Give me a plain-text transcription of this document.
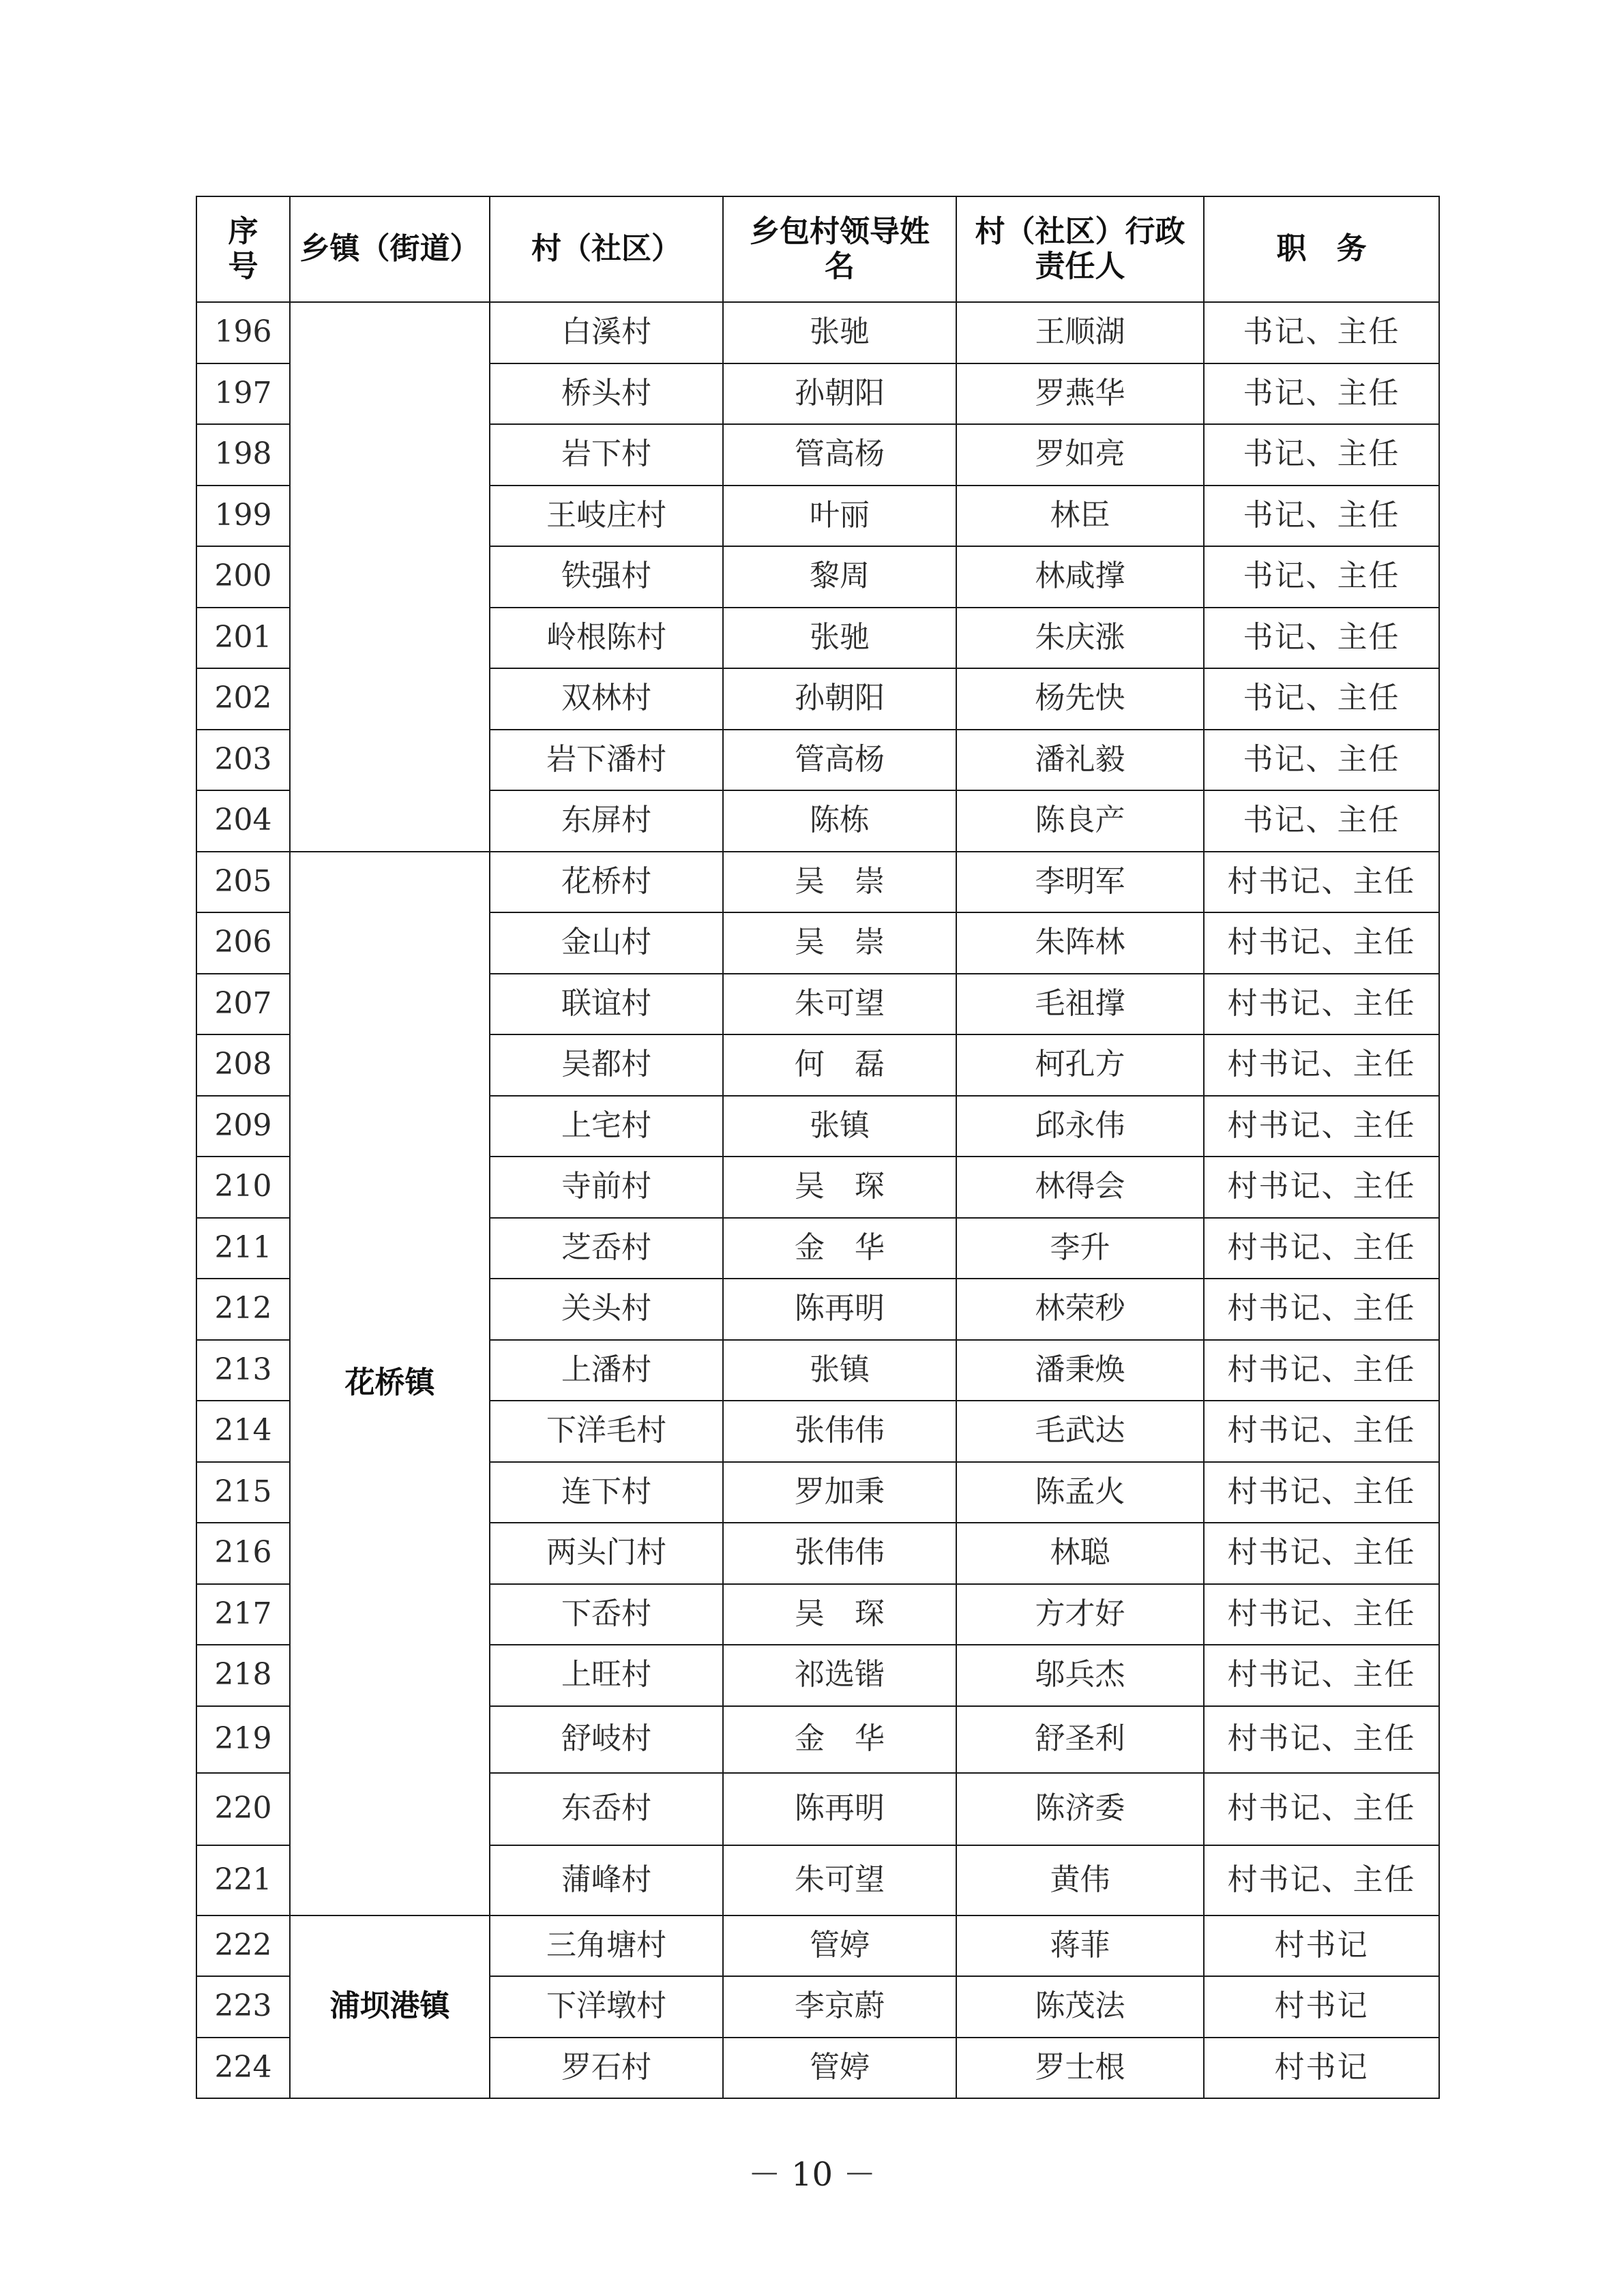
序号	乡镇（街道）	村（社区）	乡包村领导姓名	村（社区）行政责任人	职　务
196		白溪村	张驰	王顺湖	书记、主任
197		桥头村	孙朝阳	罗燕华	书记、主任
198		岩下村	管高杨	罗如亮	书记、主任
199		王岐庄村	叶丽	林臣	书记、主任
200		铁强村	黎周	林咸撑	书记、主任
201		岭根陈村	张驰	朱庆涨	书记、主任
202		双林村	孙朝阳	杨先快	书记、主任
203		岩下潘村	管高杨	潘礼毅	书记、主任
204		东屏村	陈栋	陈良产	书记、主任
205	花桥镇	花桥村	吴　崇	李明军	村书记、主任
206		金山村	吴　崇	朱阵林	村书记、主任
207		联谊村	朱可望	毛祖撑	村书记、主任
208		吴都村	何　磊	柯孔方	村书记、主任
209		上宅村	张镇	邱永伟	村书记、主任
210		寺前村	吴　琛	林得会	村书记、主任
211		芝岙村	金　华	李升	村书记、主任
212		关头村	陈再明	林荣秒	村书记、主任
213		上潘村	张镇	潘秉焕	村书记、主任
214		下洋毛村	张伟伟	毛武达	村书记、主任
215		连下村	罗加秉	陈孟火	村书记、主任
216		两头门村	张伟伟	林聪	村书记、主任
217		下岙村	吴　琛	方才好	村书记、主任
218		上旺村	祁选锴	邬兵杰	村书记、主任
219		舒岐村	金　华	舒圣利	村书记、主任
220		东岙村	陈再明	陈济委	村书记、主任
221		蒲峰村	朱可望	黄伟	村书记、主任
222	浦坝港镇	三角塘村	管婷	蒋菲	村书记
223		下洋墩村	李京蔚	陈茂法	村书记
224		罗石村	管婷	罗士根	村书记
－ 10 －
